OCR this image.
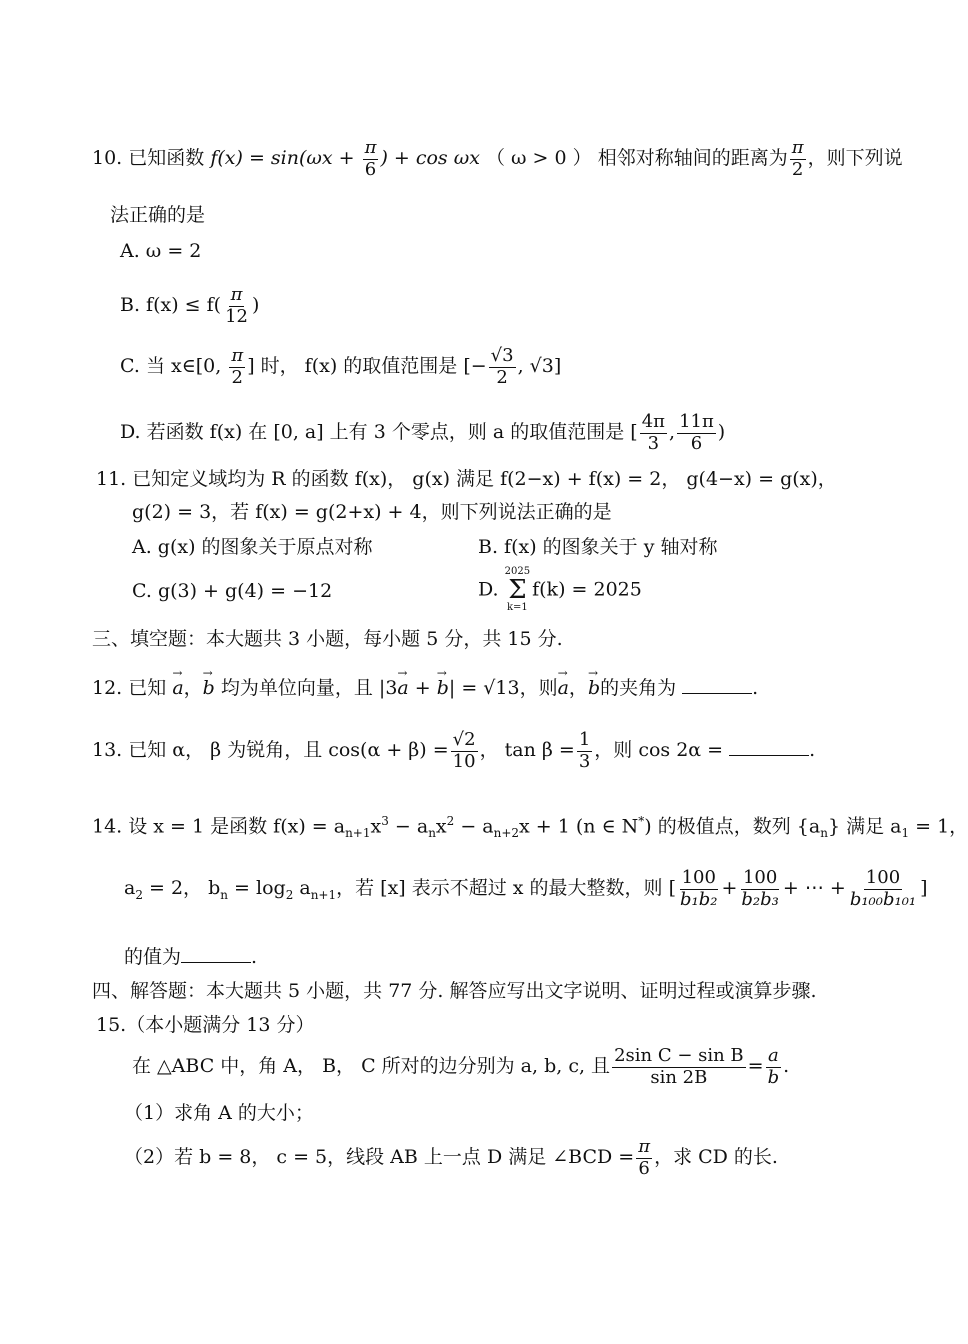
10. 已知函数 $f(x) = \sin(\omega x + \frac{\pi}{6}$ ) + cos ωx （ ω > 0 ） 相邻对称轴间的距离为 $\frac{\pi}{2}$ ，则下列说
法正确的是
A. ω = 2
B. $f(x) \le f( \frac{\pi}{12}$ )
C. 当 x∈[0, $\frac{\pi}{2}$ ] 时， f(x) 的取值范围是 [− $\frac{√3}{2}$ , √3]
D. 若函数 f(x) 在 [0, a] 上有 3 个零点，则 a 的取值范围是 [ $\frac{4\pi}{3}$ , $\frac{11\pi}{6}$ )
11. 已知定义域均为 R 的函数 f(x)， g(x) 满足 f(2−x) + f(x) = 2， g(4−x) = g(x)，
g(2) = 3，若 f(x) = g(2+x) + 4，则下列说法正确的是
A. g(x) 的图象关于原点对称	B. f(x) 的图象关于 y 轴对称
C. g(3) + g(4) = −12	D.
2025
Σ
k=1
f(k) = 2025
三、填空题：本大题共 3 小题，每小题 5 分，共 15 分.
12. 已知 → a，→ b 均为单位向量，且 |3→ a + → b| = √13，则→ a，→ b的夹角为	.
13. 已知 α， β 为锐角，且 $\cos(\alpha + \beta) = \frac{√2}{10}$ ， $\tan \beta = \frac{1}{3}$ ，则 cos 2α =	.
14. 设 x = 1 是函数 $f(x) = a_{n+1}x^3 - a_nx^2 - a_{n+2}x + 1$ (n ∈ N*) 的极值点，数列 $\{a_n\}$ 满足 $a_1 = 1$，
$a_2 = 2$， $b_n = \log_2 a_{n+1}$，若 [x] 表示不超过 x 的最大整数，则 [ $\frac{100}{\text{b₁b₂}} + \frac{100}{\text{b₂b₃}}$ + ⋯ + $\frac{100}{\text{b₁₀₀b₁₀₁}}$ ]
的值为	.
四、解答题：本大题共 5 小题，共 77 分. 解答应写出文字说明、证明过程或演算步骤.
15.（本小题满分 13 分）
在 △ABC 中，角 A， B， C 所对的边分别为 a, b, c, 且 $\frac{\text{2sin C − sin B}}{\sin 2B} = \frac{a}{b}$ .
（1）求角 A 的大小；
（2）若 b = 8， c = 5，线段 AB 上一点 D 满足 ∠BCD = $\frac{\pi}{6}$ ，求 CD 的长.
